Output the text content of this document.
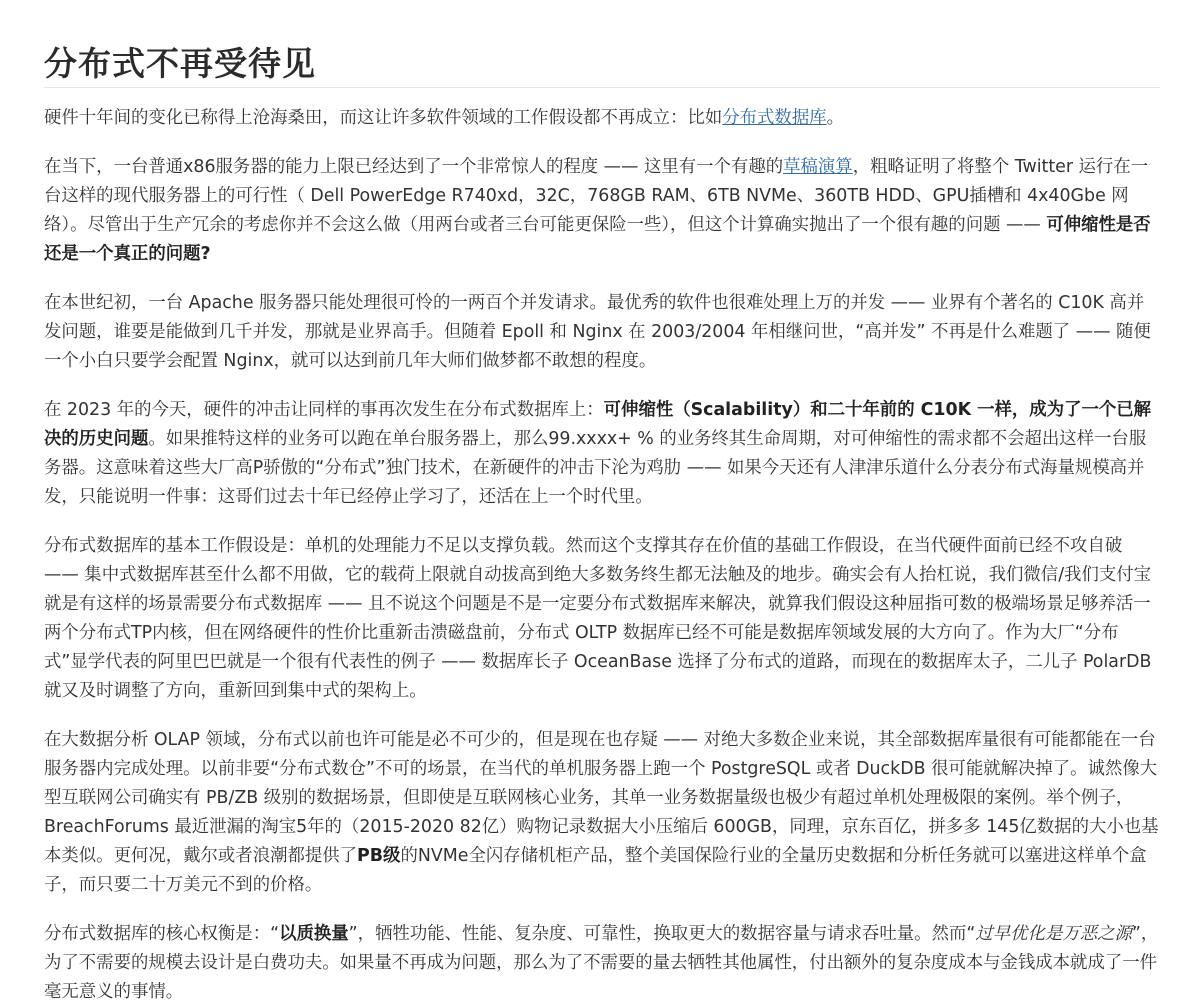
分布式不再受待见

硬件十年间的变化已称得上沧海桑田，而这让许多软件领域的工作假设都不再成立：比如分布式数据库。

在当下，一台普通x86服务器的能力上限已经达到了一个非常惊人的程度 —— 这里有一个有趣的草稿演算，粗略证明了将整个 Twitter 运行在一台这样的现代服务器上的可行性（ Dell PowerEdge R740xd，32C，768GB RAM、6TB NVMe、360TB HDD、GPU插槽和 4x40Gbe 网络）。尽管出于生产冗余的考虑你并不会这么做（用两台或者三台可能更保险一些），但这个计算确实抛出了一个很有趣的问题 —— 可伸缩性是否还是一个真正的问题?

在本世纪初，一台 Apache 服务器只能处理很可怜的一两百个并发请求。最优秀的软件也很难处理上万的并发 —— 业界有个著名的 C10K 高并发问题，谁要是能做到几千并发，那就是业界高手。但随着 Epoll 和 Nginx 在 2003/2004 年相继问世，“高并发” 不再是什么难题了 —— 随便一个小白只要学会配置 Nginx，就可以达到前几年大师们做梦都不敢想的程度。

在 2023 年的今天，硬件的冲击让同样的事再次发生在分布式数据库上：可伸缩性（Scalability）和二十年前的 C10K 一样，成为了一个已解决的历史问题。如果推特这样的业务可以跑在单台服务器上，那么99.xxxx+ % 的业务终其生命周期，对可伸缩性的需求都不会超出这样一台服务器。这意味着这些大厂高P骄傲的“分布式”独门技术，在新硬件的冲击下沦为鸡肋 —— 如果今天还有人津津乐道什么分表分布式海量规模高并发，只能说明一件事：这哥们过去十年已经停止学习了，还活在上一个时代里。

分布式数据库的基本工作假设是：单机的处理能力不足以支撑负载。然而这个支撑其存在价值的基础工作假设，在当代硬件面前已经不攻自破 —— 集中式数据库甚至什么都不用做，它的载荷上限就自动拔高到绝大多数务终生都无法触及的地步。确实会有人抬杠说，我们微信/我们支付宝就是有这样的场景需要分布式数据库 —— 且不说这个问题是不是一定要分布式数据库来解决，就算我们假设这种屈指可数的极端场景足够养活一两个分布式TP内核，但在网络硬件的性价比重新击溃磁盘前，分布式 OLTP 数据库已经不可能是数据库领域发展的大方向了。作为大厂“分布式”显学代表的阿里巴巴就是一个很有代表性的例子 —— 数据库长子 OceanBase 选择了分布式的道路，而现在的数据库太子，二儿子 PolarDB 就又及时调整了方向，重新回到集中式的架构上。

在大数据分析 OLAP 领域，分布式以前也许可能是必不可少的，但是现在也存疑 —— 对绝大多数企业来说，其全部数据库量很有可能都能在一台服务器内完成处理。以前非要“分布式数仓”不可的场景，在当代的单机服务器上跑一个 PostgreSQL 或者 DuckDB 很可能就解决掉了。诚然像大型互联网公司确实有 PB/ZB 级别的数据场景，但即使是互联网核心业务，其单一业务数据量级也极少有超过单机处理极限的案例。举个例子，BreachForums 最近泄漏的淘宝5年的（2015-2020 82亿）购物记录数据大小压缩后 600GB，同理，京东百亿，拼多多 145亿数据的大小也基本类似。更何况，戴尔或者浪潮都提供了PB级的NVMe全闪存储机柜产品，整个美国保险行业的全量历史数据和分析任务就可以塞进这样单个盒子，而只要二十万美元不到的价格。

分布式数据库的核心权衡是：“以质换量”，牺牲功能、性能、复杂度、可靠性，换取更大的数据容量与请求吞吐量。然而“过早优化是万恶之源”，为了不需要的规模去设计是白费功夫。如果量不再成为问题，那么为了不需要的量去牺牲其他属性，付出额外的复杂度成本与金钱成本就成了一件毫无意义的事情。
